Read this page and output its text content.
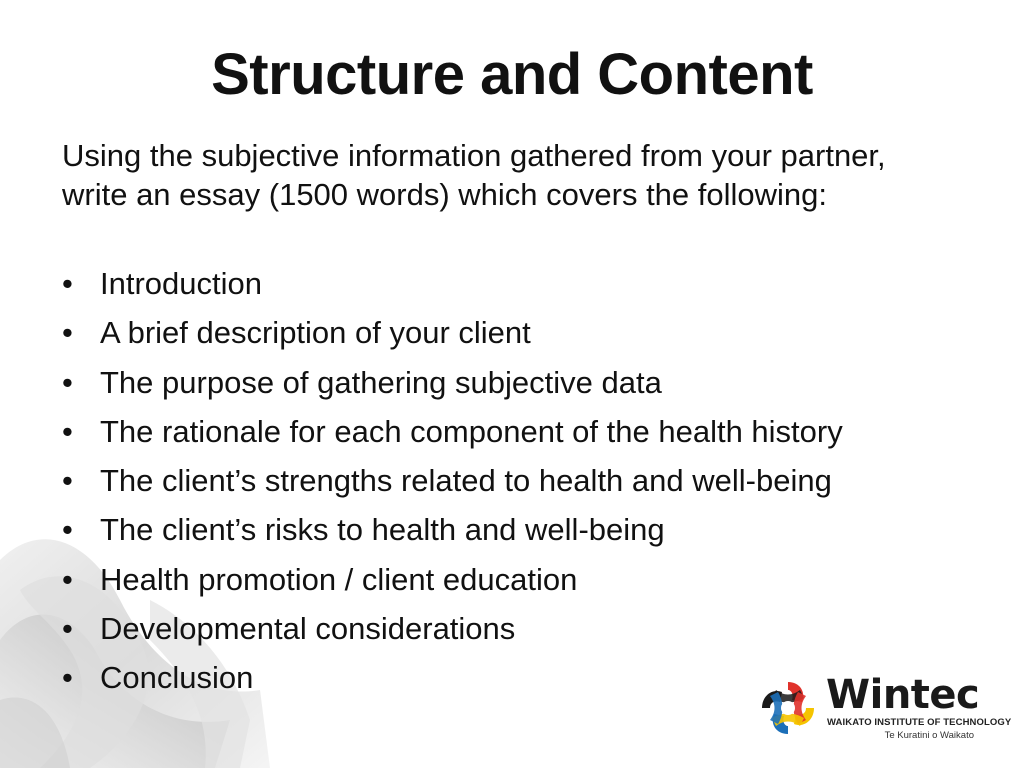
Structure and Content
Using the subjective information gathered from your partner, write an essay (1500 words) which covers the following:
• Introduction
• A brief description of your client
• The purpose of gathering subjective data
• The rationale for each component of the health history
• The client’s strengths related to health and well-being
• The client’s risks to health and well-being
• Health promotion / client education
• Developmental considerations
• Conclusion	Wintec
WAIKATO INSTITUTE OF TECHNOLOGY
Te Kuratini o Waikato
